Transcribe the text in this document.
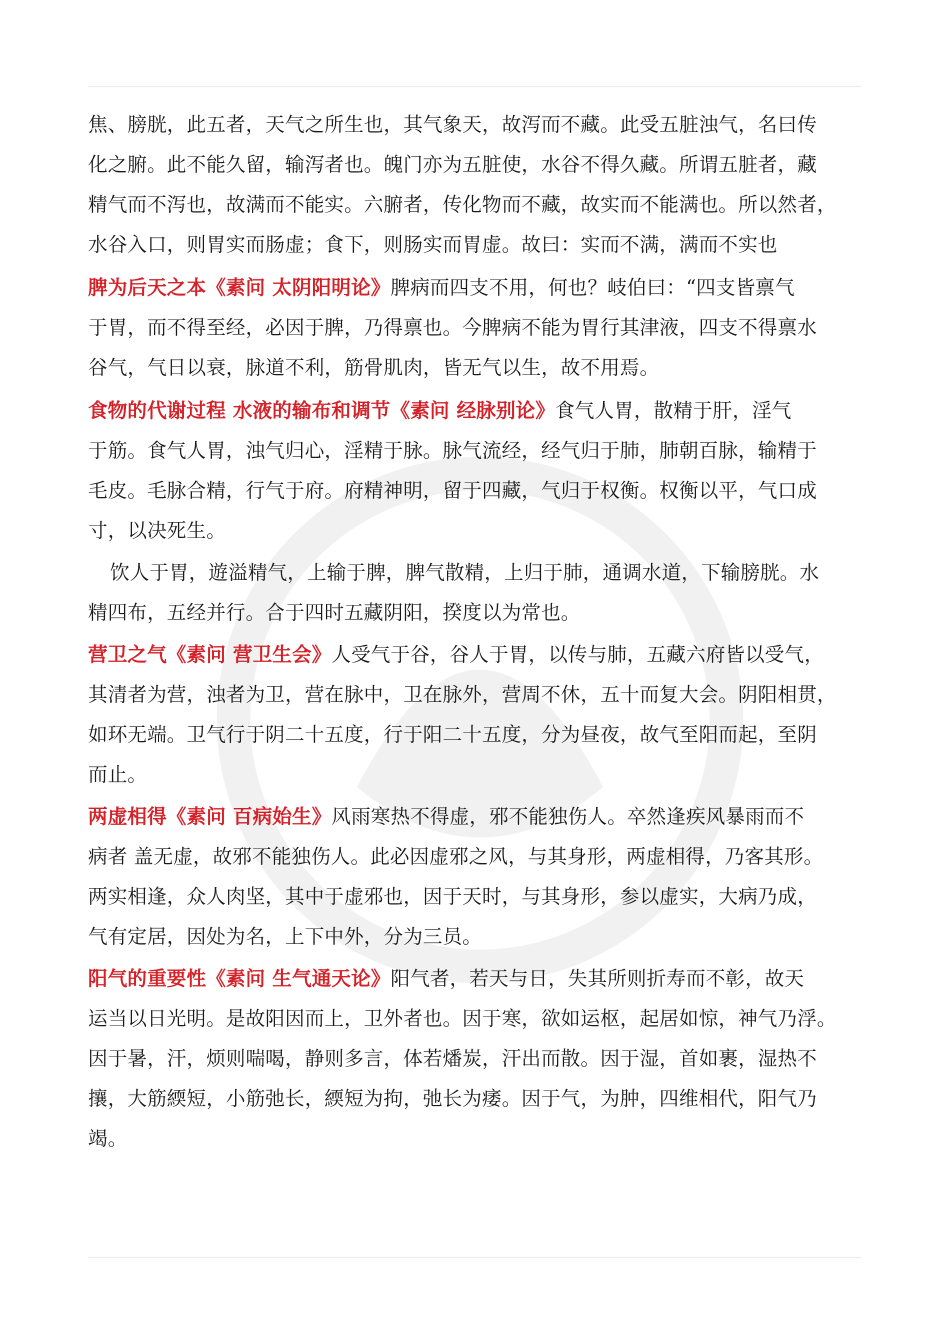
焦、膀胱，此五者，天气之所生也，其气象天，故泻而不藏。此受五脏浊气，名曰传
化之腑。此不能久留，输泻者也。魄门亦为五脏使，水谷不得久藏。所谓五脏者，藏
精气而不泻也，故满而不能实。六腑者，传化物而不藏，故实而不能满也。所以然者，
水谷入口，则胃实而肠虚；食下，则肠实而胃虚。故曰：实而不满，满而不实也
脾为后天之本《素问 太阴阳明论》脾病而四支不用，何也？岐伯曰：“四支皆禀气
于胃，而不得至经，必因于脾，乃得禀也。今脾病不能为胃行其津液，四支不得禀水
谷气，气日以衰，脉道不利，筋骨肌肉，皆无气以生，故不用焉。
食物的代谢过程 水液的输布和调节《素问 经脉别论》食气人胃，散精于肝，淫气
于筋。食气人胃，浊气归心，淫精于脉。脉气流经，经气归于肺，肺朝百脉，输精于
毛皮。毛脉合精，行气于府。府精神明，留于四藏，气归于权衡。权衡以平，气口成
寸，以决死生。
饮人于胃，遊溢精气，上输于脾，脾气散精，上归于肺，通调水道，下输膀胱。水
精四布，五经并行。合于四时五藏阴阳，揆度以为常也。
营卫之气《素问 营卫生会》人受气于谷，谷人于胃，以传与肺，五藏六府皆以受气，
其清者为营，浊者为卫，营在脉中，卫在脉外，营周不休，五十而复大会。阴阳相贯，
如环无端。卫气行于阴二十五度，行于阳二十五度，分为昼夜，故气至阳而起，至阴
而止。
两虚相得《素问 百病始生》风雨寒热不得虚，邪不能独伤人。卒然逢疾风暴雨而不
病者 盖无虚，故邪不能独伤人。此必因虚邪之风，与其身形，两虚相得，乃客其形。
两实相逢，众人肉坚，其中于虚邪也，因于天时，与其身形，参以虚实，大病乃成，
气有定居，因处为名，上下中外，分为三员。
阳气的重要性《素问 生气通天论》阳气者，若天与日，失其所则折寿而不彰，故天
运当以日光明。是故阳因而上，卫外者也。因于寒，欲如运枢，起居如惊，神气乃浮。
因于暑，汗，烦则喘喝，静则多言，体若燔炭，汗出而散。因于湿，首如裹，湿热不
攘，大筋緛短，小筋弛长，緛短为拘，弛长为痿。因于气，为肿，四维相代，阳气乃
竭。
